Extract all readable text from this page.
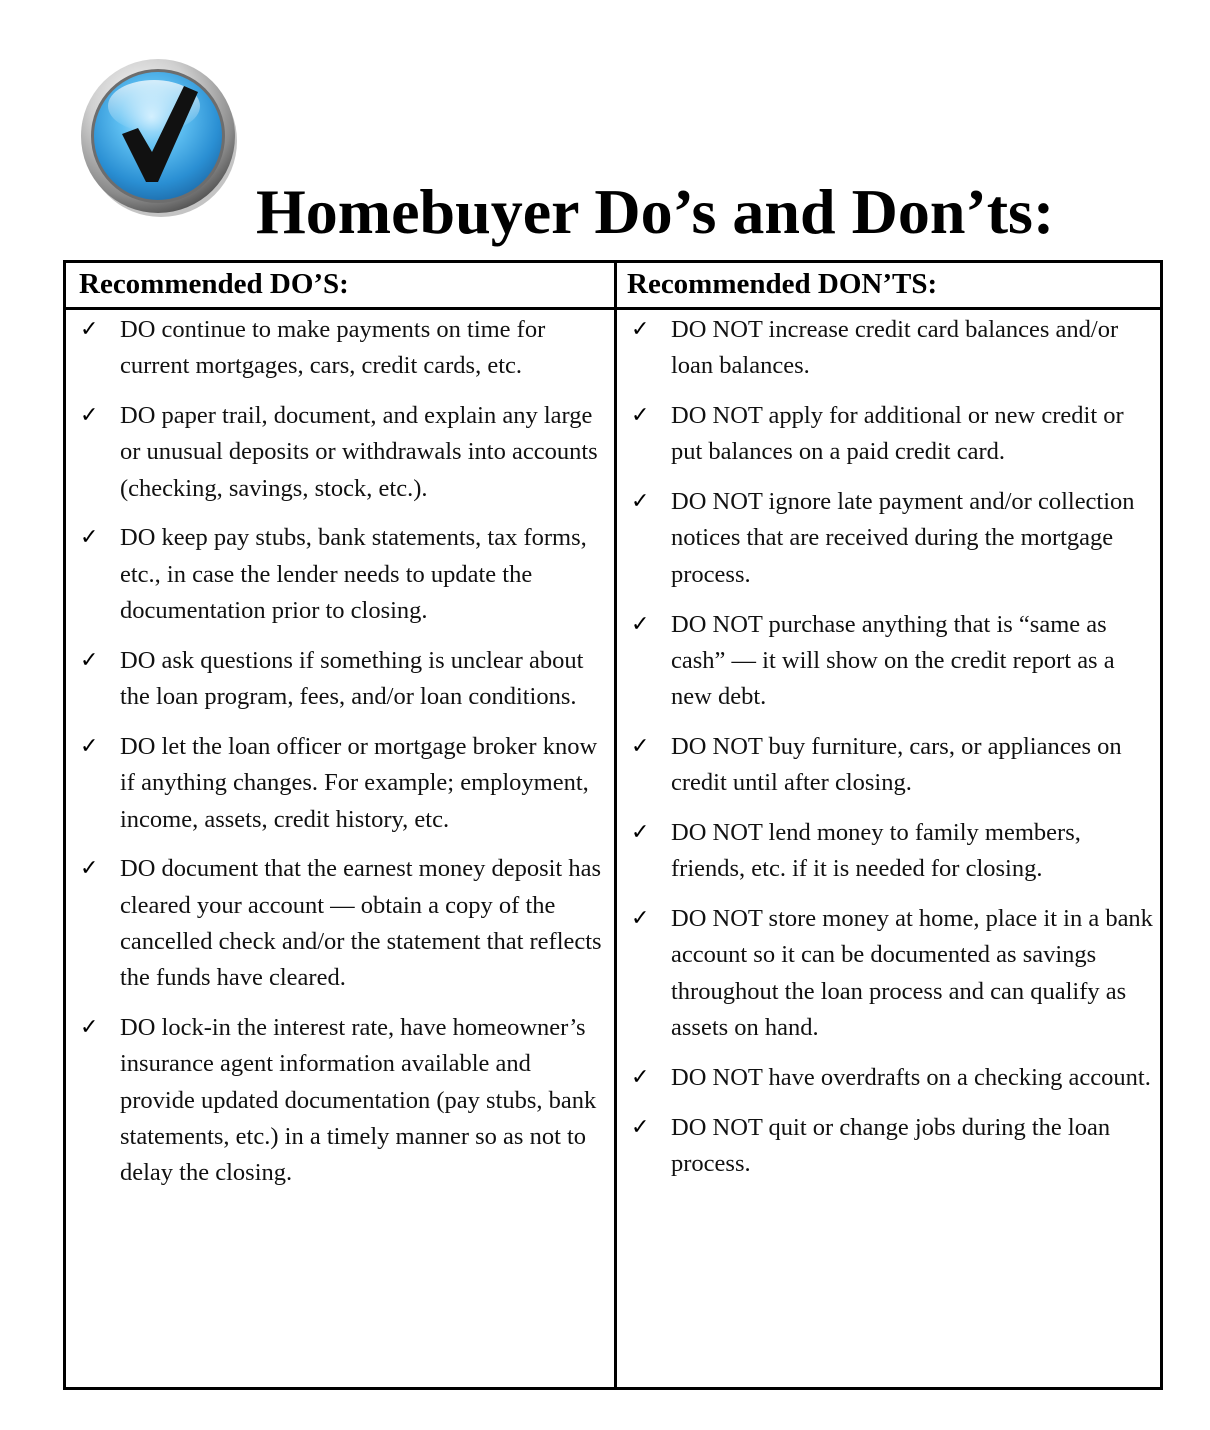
Homebuyer Do’s and Don’ts:
Recommended DO’S:	Recommended DON’TS:
✓ DO continue to make payments on time for current mortgages, cars, credit cards, etc.
✓ DO paper trail, document, and explain any large or unusual deposits or withdrawals into accounts (checking, savings, stock, etc.).
✓ DO keep pay stubs, bank statements, tax forms, etc., in case the lender needs to update the documentation prior to closing.
✓ DO ask questions if something is unclear about the loan program, fees, and/or loan conditions.
✓ DO let the loan officer or mortgage broker know if anything changes. For example; employment, income, assets, credit history, etc.
✓ DO document that the earnest money deposit has cleared your account — obtain a copy of the cancelled check and/or the statement that reflects the funds have cleared.
✓ DO lock-in the interest rate, have homeowner’s insurance agent information available and provide updated documentation (pay stubs, bank statements, etc.) in a timely manner so as not to delay the closing.
✓ DO NOT increase credit card balances and/or loan balances.
✓ DO NOT apply for additional or new credit or put balances on a paid credit card.
✓ DO NOT ignore late payment and/or collection notices that are received during the mortgage process.
✓ DO NOT purchase anything that is “same as cash” — it will show on the credit report as a new debt.
✓ DO NOT buy furniture, cars, or appliances on credit until after closing.
✓ DO NOT lend money to family members, friends, etc. if it is needed for closing.
✓ DO NOT store money at home, place it in a bank account so it can be documented as savings throughout the loan process and can qualify as assets on hand.
✓ DO NOT have overdrafts on a checking account.
✓ DO NOT quit or change jobs during the loan process.
